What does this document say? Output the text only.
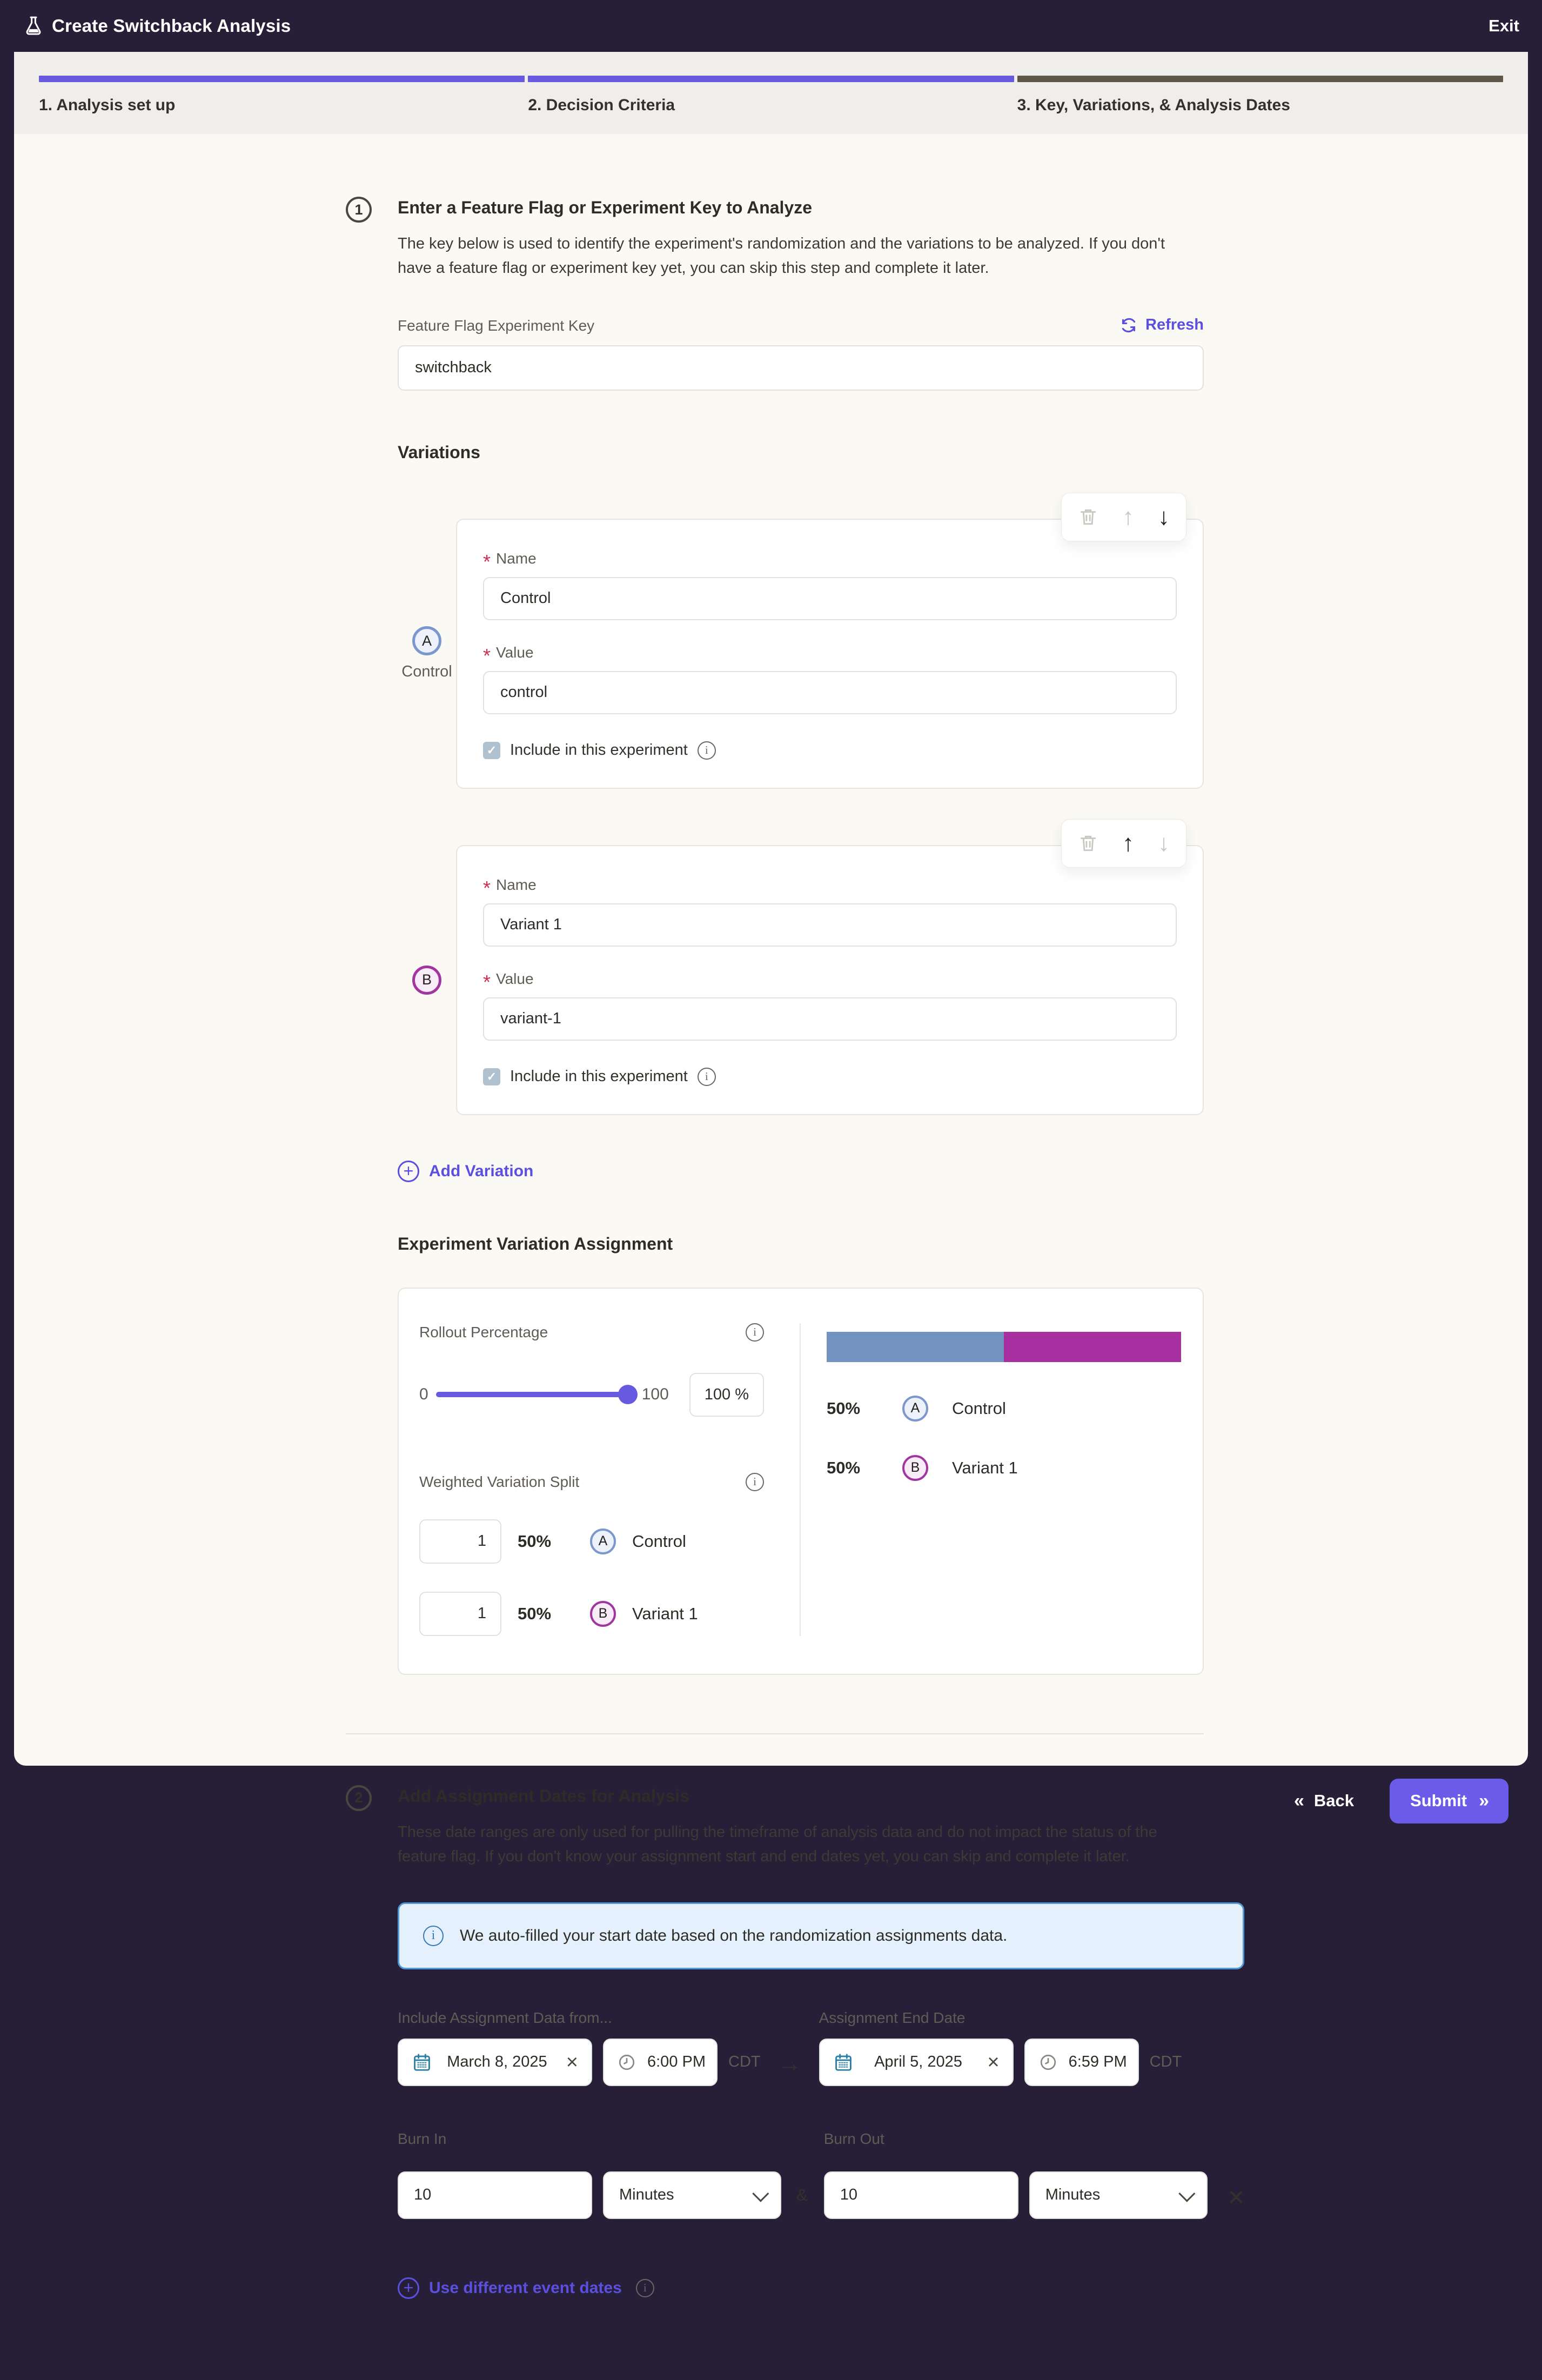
Create Switchback Analysis	Exit
1. Analysis set up	2. Decision Criteria	3. Key, Variations, & Analysis Dates
1	Enter a Feature Flag or Experiment Key to Analyze

The key below is used to identify the experiment's randomization and the variations to be analyzed. If you don't have a feature flag or experiment key yet, you can skip this step and complete it later.

Feature Flag Experiment Key	Refresh
switchback
Variations
A
Control
↑ ↓
* Name
Control
* Value
control
✓
Include in this experiment
i
B
↑ ↓
* Name
Variant 1
* Value
variant-1
✓
Include in this experiment
i
+ Add Variation
Experiment Variation Assignment
Rollout Percentage
i
0	100	100 %
Weighted Variation Split
i
1
50%	A	Control
1
50%	B	Variant 1
50%	A	Control
50%	B	Variant 1
2	Add Assignment Dates for Analysis

These date ranges are only used for pulling the timeframe of analysis data and do not impact the status of the feature flag. If you don't know your assignment start and end dates yet, you can skip and complete it later.

i
We auto-filled your start date based on the randomization assignments data.
Include Assignment Data from...
March 8, 2025 ×	6:00 PM CDT →
Assignment End Date
April 5, 2025 ×	6:59 PM CDT
Burn In
10
Minutes	&
Burn Out
10
Minutes	×
+ Use different event dates
i
« Back	Submit »
